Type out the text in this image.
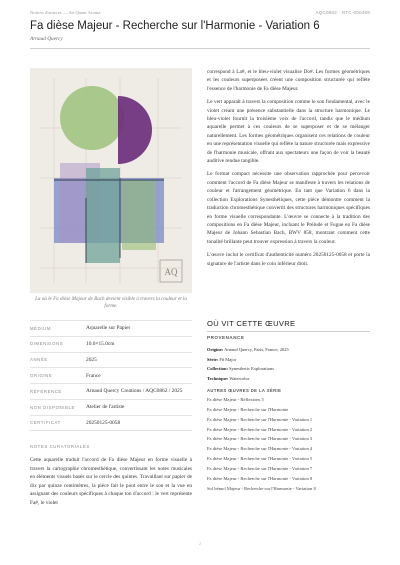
Notices d'œuvres — Art Quant Aroma	AQC0862 · NTC-000459
Fa dièse Majeur - Recherche sur l'Harmonie - Variation 6
Arnaud Quercy
AQ
La où le Fa dièse Majeur de Bach devient visible à travers la couleur et la forme.
MÉDIUM	Aquarelle sur Papier
DIMENSIONS	10.0×15.0cm
ANNÉE	2025
ORIGINE	France
RÉFÉRENCE	Arnaud Quercy Creations / AQC0862 / 2025
NON DISPONIBLE	Atelier de l'artiste
CERTIFICAT	20250125-0058
NOTES CURATORIALES
Cette aquarelle traduit l'accord de Fa dièse Majeur en forme visuelle à travers la cartographie chromesthétique, convertissant les notes musicales en éléments visuels basés sur le cercle des quintes. Travaillant sur papier de dix par quinze centimètres, la pièce fait le pont entre le son et la vue en assignant des couleurs spécifiques à chaque ton d'accord : le vert représente Fa#, le violet

correspond à La#, et le bleu-violet visualise Do#. Les formes géométriques et les couleurs superposées créent une composition structurée qui reflète l'essence de l'harmonie de Fa dièse Majeur.

Le vert apparaît à travers la composition comme le son fondamental, avec le violet créant une présence substantielle dans la structure harmonique. Le bleu-violet fournit la troisième voix de l'accord, tandis que le médium aquarelle permet à ces couleurs de se superposer et de se mélanger naturellement. Les formes géométriques organisent ces relations de couleur en une représentation visuelle qui reflète la nature structurée mais expressive de l'harmonie musicale, offrant aux spectateurs une façon de voir la beauté auditive rendue tangible.

Le format compact nécessite une observation rapprochée pour percevoir comment l'accord de Fa dièse Majeur se manifeste à travers les relations de couleur et l'arrangement géométrique. En tant que Variation 6 dans la collection Explorations Synesthétiques, cette pièce démontre comment la traduction chromesthétique convertit des structures harmoniques spécifiques en forme visuelle correspondante. L'œuvre se connecte à la tradition des compositions en Fa dièse Majeur, incluant le Prélude et Fugue en Fa dièse Majeur de Johann Sebastian Bach, BWV 858, montrant comment cette tonalité brillante peut trouver expression à travers la couleur.

L'œuvre inclut le certificat d'authenticité numéro 20250125-0058 et porte la signature de l'artiste dans le coin inférieur droit.

OÙ VIT CETTE ŒUVRE
PROVENANCE
Origine: Arnaud Quercy, Paris, France, 2025
Série: F# Major
Collection: Synesthetic Explorations
Technique: Watercolor
AUTRES ŒUVRES DE LA SÉRIE
Fa dièse Majeur - Réflexions 5
Fa dièse Majeur - Recherche sur l'Harmonie
Fa dièse Majeur - Recherche sur l'Harmonie - Variation 1
Fa dièse Majeur - Recherche sur l'Harmonie - Variation 2
Fa dièse Majeur - Recherche sur l'Harmonie - Variation 3
Fa dièse Majeur - Recherche sur l'Harmonie - Variation 4
Fa dièse Majeur - Recherche sur l'Harmonie - Variation 5
Fa dièse Majeur - Recherche sur l'Harmonie - Variation 7
Fa dièse Majeur - Recherche sur l'Harmonie - Variation 8
Sol bémol Majeur - Recherche sur l'Harmonie - Variation 8
2
